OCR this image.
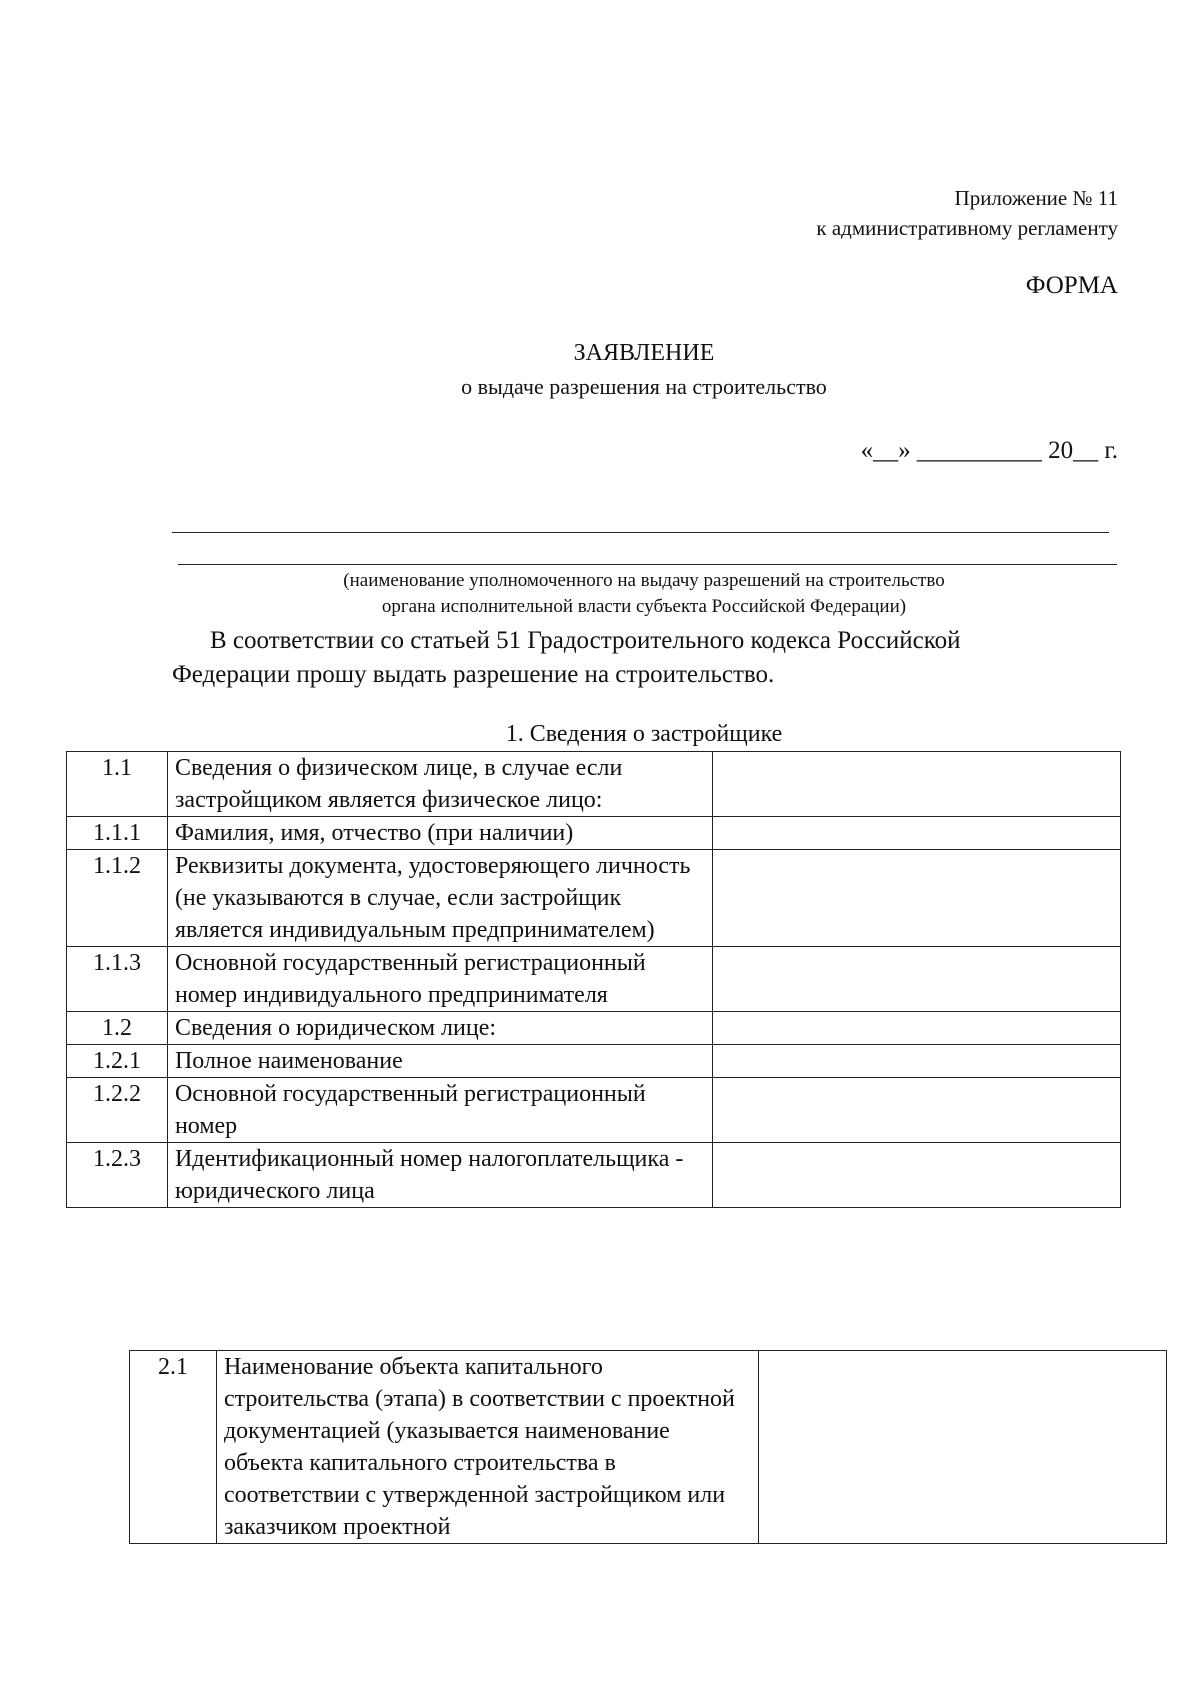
Приложение № 11
к административному регламенту
ФОРМА
ЗАЯВЛЕНИЕ
о выдаче разрешения на строительство
«__» __________ 20__ г.
(наименование уполномоченного на выдачу разрешений на строительство
органа исполнительной власти субъекта Российской Федерации)
В соответствии со статьей 51 Градостроительного кодекса Российской
Федерации прошу выдать разрешение на строительство.
1. Сведения о застройщике
1.1	Сведения о физическом лице, в случае если застройщиком является физическое лицо:	
1.1.1	Фамилия, имя, отчество (при наличии)	
1.1.2	Реквизиты документа, удостоверяющего личность (не указываются в случае, если застройщик является индивидуальным предпринимателем)	
1.1.3	Основной государственный регистрационный номер индивидуального предпринимателя	
1.2	Сведения о юридическом лице:	
1.2.1	Полное наименование	
1.2.2	Основной государственный регистрационный номер	
1.2.3	Идентификационный номер налогоплательщика - юридического лица	
2.1	Наименование объекта капитального строительства (этапа) в соответствии с проектной документацией (указывается наименование объекта капитального строительства в соответствии с утвержденной застройщиком или заказчиком проектной	
